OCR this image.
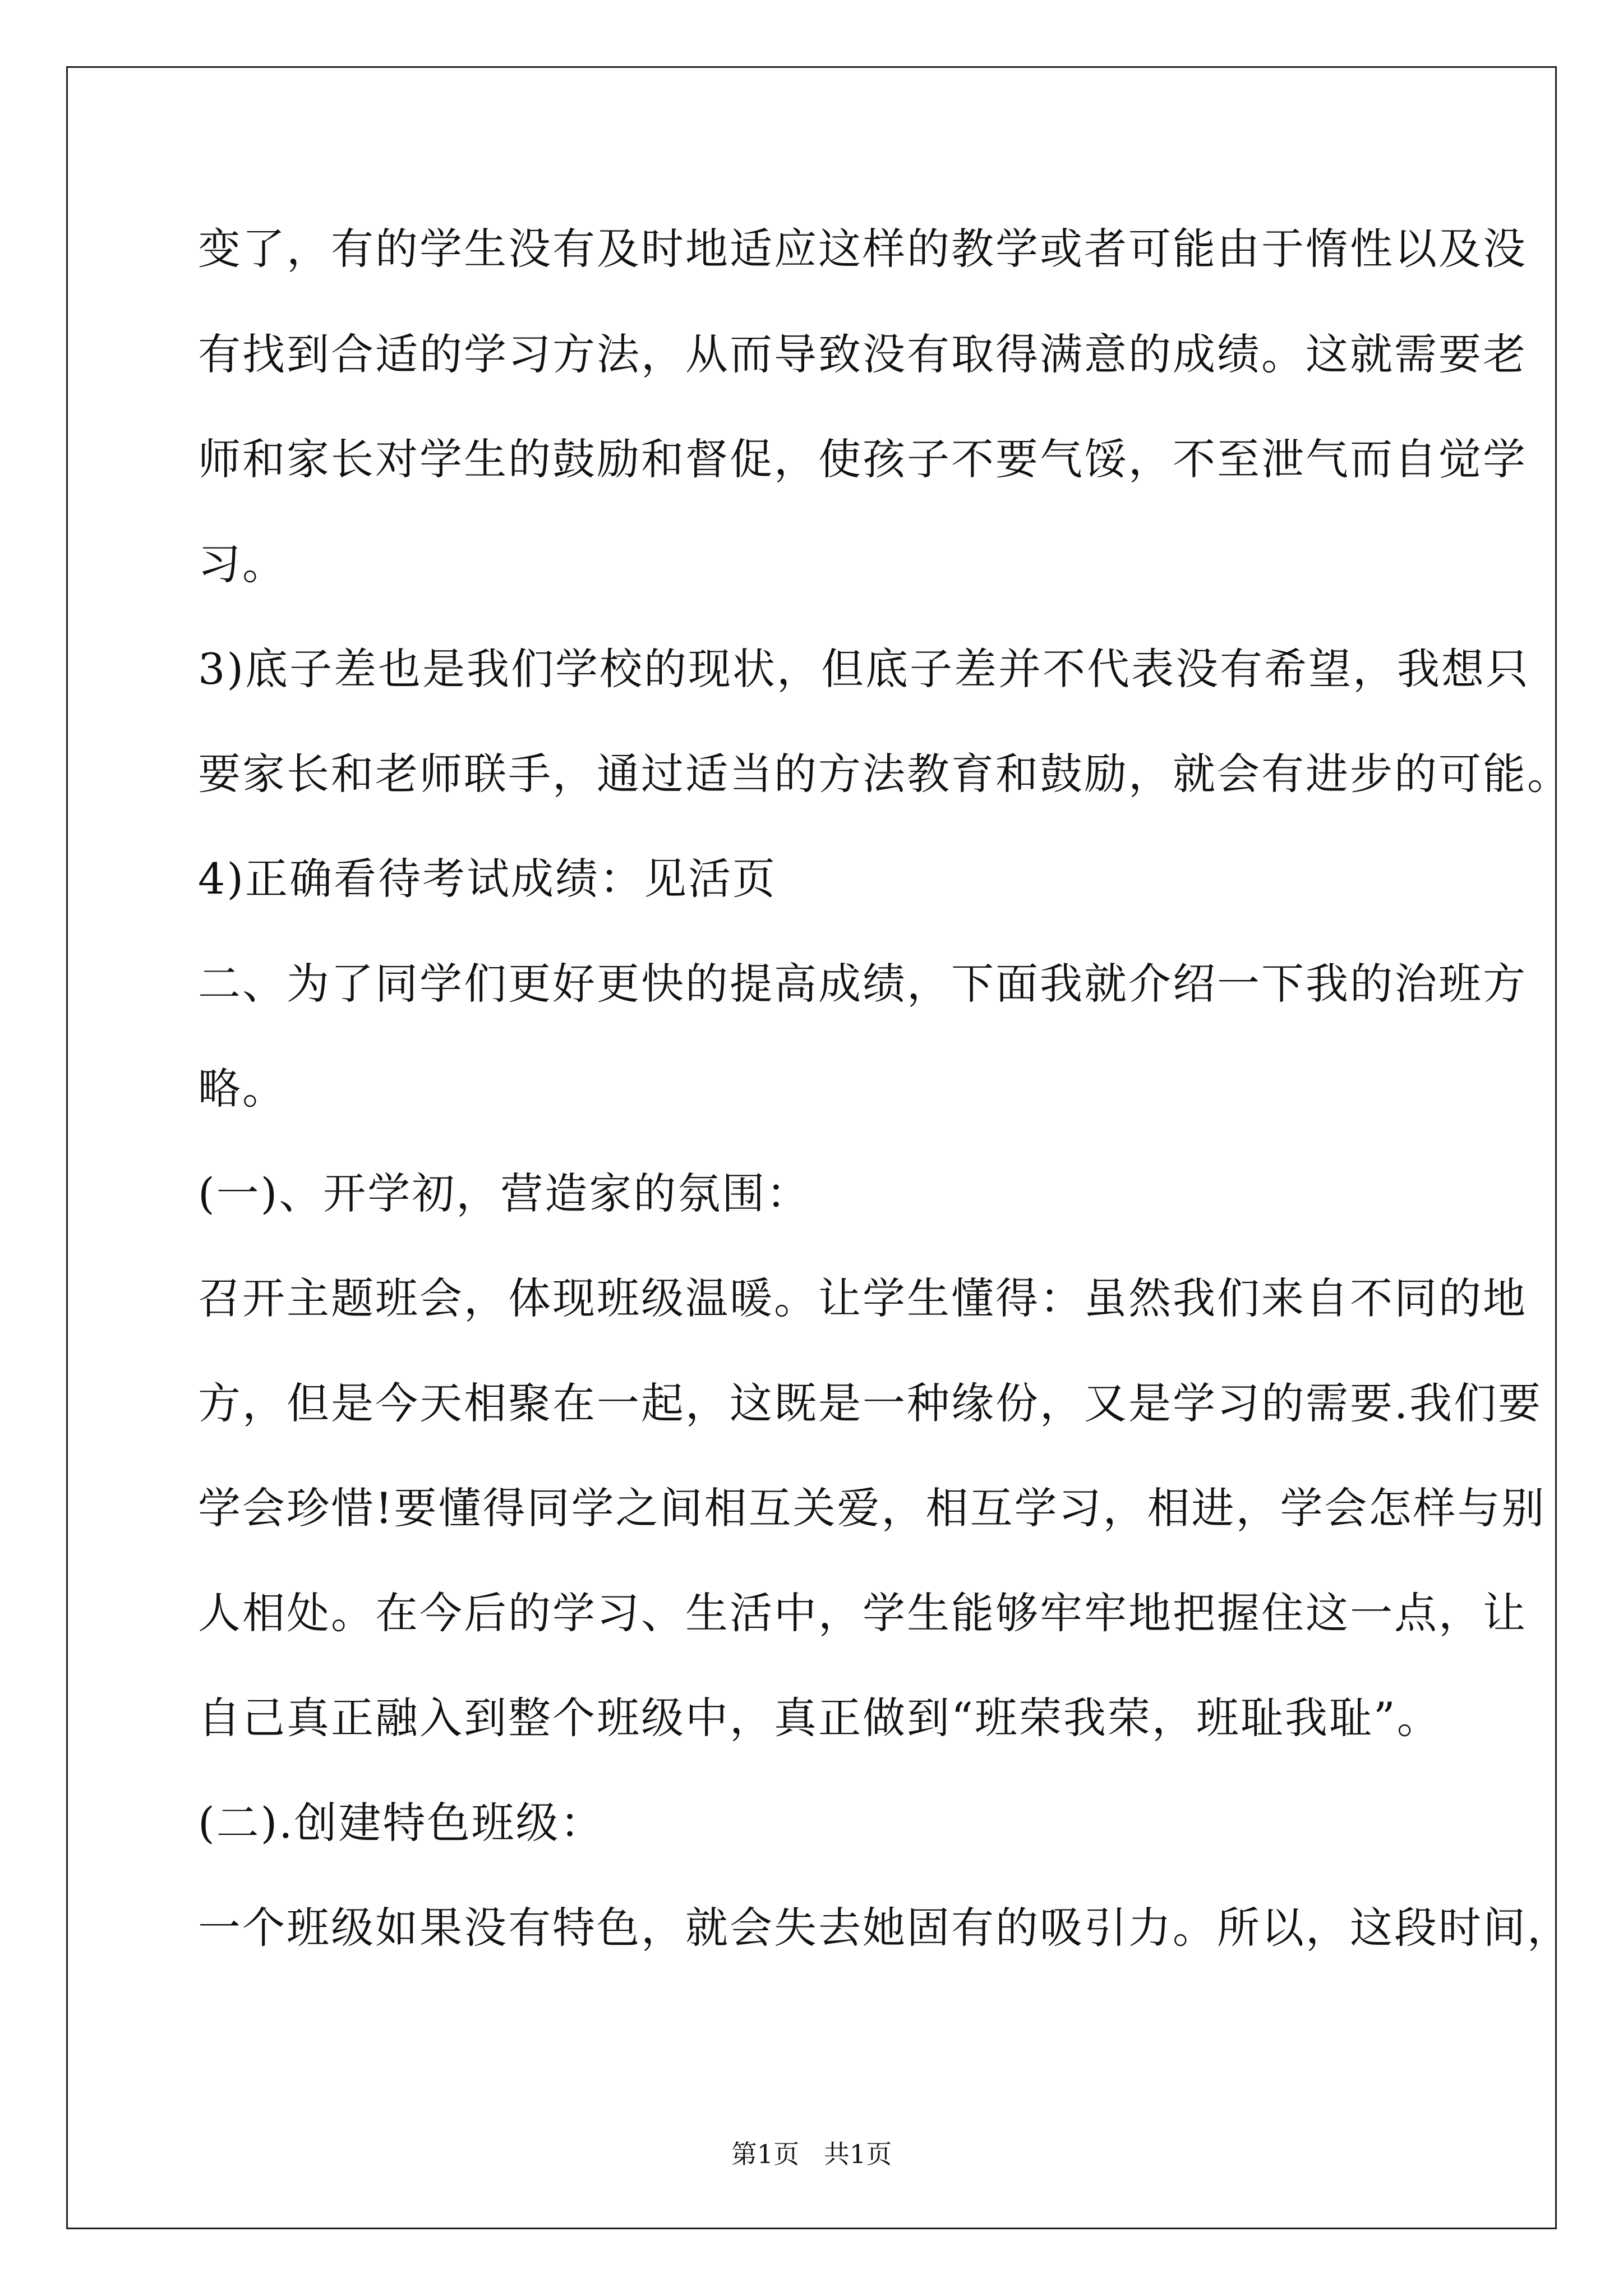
变了，有的学生没有及时地适应这样的教学或者可能由于惰性以及没
有找到合适的学习方法，从而导致没有取得满意的成绩。这就需要老
师和家长对学生的鼓励和督促，使孩子不要气馁，不至泄气而自觉学
习。
3)底子差也是我们学校的现状，但底子差并不代表没有希望，我想只
要家长和老师联手，通过适当的方法教育和鼓励，就会有进步的可能。
4)正确看待考试成绩：见活页
二、为了同学们更好更快的提高成绩，下面我就介绍一下我的治班方
略。
(一)、开学初，营造家的氛围：
召开主题班会，体现班级温暖。让学生懂得：虽然我们来自不同的地
方，但是今天相聚在一起，这既是一种缘份，又是学习的需要.我们要
学会珍惜!要懂得同学之间相互关爱，相互学习，相进，学会怎样与别
人相处。在今后的学习、生活中，学生能够牢牢地把握住这一点，让
自己真正融入到整个班级中，真正做到“班荣我荣，班耻我耻”。
(二).创建特色班级：
一个班级如果没有特色，就会失去她固有的吸引力。所以，这段时间，
第1页   共1页
